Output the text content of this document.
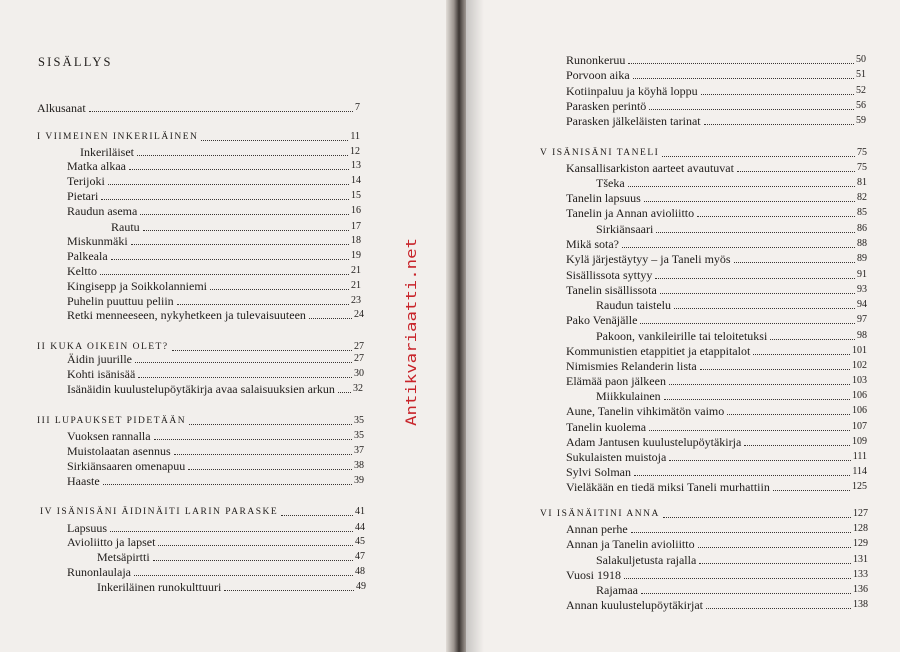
SISÄLLYS
Alkusanat	7
I VIIMEINEN INKERILÄINEN	11
Inkeriläiset	12
Matka alkaa	13
Terijoki	14
Pietari	15
Raudun asema	16
Rautu	17
Miskunmäki	18
Palkeala	19
Keltto	21
Kingisepp ja Soikkolanniemi	21
Puhelin puuttuu peliin	23
Retki menneeseen, nykyhetkeen ja tulevaisuuteen	24
II KUKA OIKEIN OLET?	27
Äidin juurille	27
Kohti isänisää	30
Isänäidin kuulustelupöytäkirja avaa salaisuuksien arkun 32
III LUPAUKSET PIDETÄÄN	35
Vuoksen rannalla	35
Muistolaatan asennus	37
Sirkiänsaaren omenapuu	38
Haaste	39
IV ISÄNISÄNI ÄIDINÄITI LARIN PARASKE	41
Lapsuus	44
Avioliitto ja lapset	45
Metsäpirtti	47
Runonlaulaja	48
Inkeriläinen runokulttuuri	49
Antikvariaatti.net
Runonkeruu	50
Porvoon aika	51
Kotiinpaluu ja köyhä loppu	52
Parasken perintö	56
Parasken jälkeläisten tarinat	59
V ISÄNISÄNI TANELI	75
Kansallisarkiston aarteet avautuvat	75
Tšeka	81
Tanelin lapsuus	82
Tanelin ja Annan avioliitto	85
Sirkiänsaari	86
Mikä sota?	88
Kylä järjestäytyy – ja Taneli myös	89
Sisällissota syttyy	91
Tanelin sisällissota	93
Raudun taistelu	94
Pako Venäjälle	97
Pakoon, vankileirille tai teloitetuksi	98
Kommunistien etappitiet ja etappitalot	101
Nimismies Relanderin lista	102
Elämää paon jälkeen	103
Miikkulainen	106
Aune, Tanelin vihkimätön vaimo	106
Tanelin kuolema	107
Adam Jantusen kuulustelupöytäkirja	109
Sukulaisten muistoja	111
Sylvi Solman	114
Vieläkään en tiedä miksi Taneli murhattiin	125
VI ISÄNÄITINI ANNA	127
Annan perhe	128
Annan ja Tanelin avioliitto	129
Salakuljetusta rajalla	131
Vuosi 1918	133
Rajamaa	136
Annan kuulustelupöytäkirjat	138
